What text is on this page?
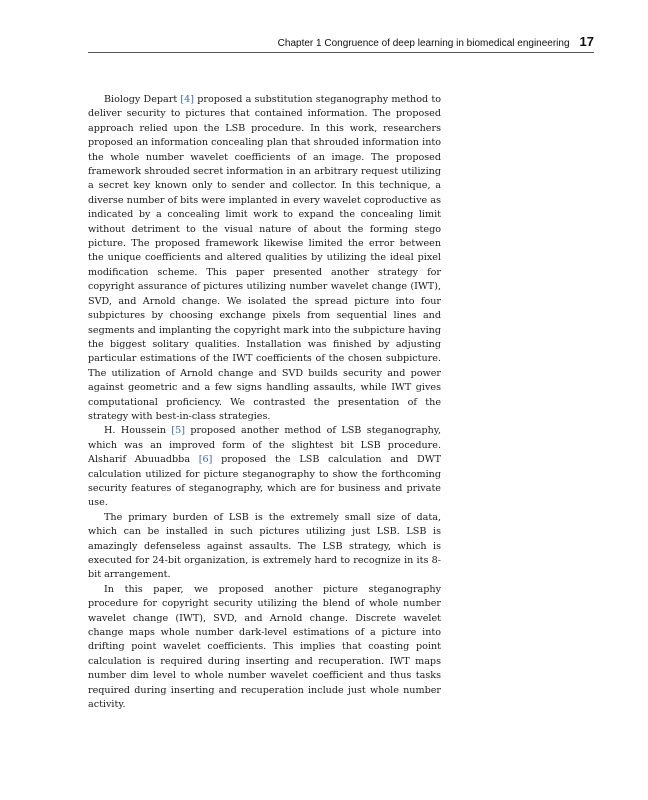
Chapter 1 Congruence of deep learning in biomedical engineering 17

Biology Depart [4] proposed a substitution steganography method to deliver security to pictures that contained information. The proposed approach relied upon the LSB procedure. In this work, researchers proposed an information concealing plan that shrouded information into the whole number wavelet coefficients of an image. The proposed framework shrouded secret information in an arbitrary request utilizing a secret key known only to sender and collector. In this technique, a diverse number of bits were implanted in every wavelet coproductive as indicated by a concealing limit work to expand the concealing limit without detriment to the visual nature of about the forming stego picture. The proposed framework likewise limited the error between the unique coefficients and altered qualities by utilizing the ideal pixel modification scheme. This paper presented another strategy for copyright assurance of pictures utilizing number wavelet change (IWT), SVD, and Arnold change. We isolated the spread picture into four subpictures by choosing exchange pixels from sequential lines and segments and implanting the copyright mark into the subpicture having the biggest solitary qualities. Installation was finished by adjusting particular estimations of the IWT coefficients of the chosen subpicture. The utilization of Arnold change and SVD builds security and power against geometric and a few signs handling assaults, while IWT gives computational proficiency. We contrasted the presentation of the strategy with best-in-class strategies.

H. Houssein [5] proposed another method of LSB steganography, which was an improved form of the slightest bit LSB procedure. Alsharif Abuuadbba [6] proposed the LSB calculation and DWT calculation utilized for picture steganography to show the forthcoming security features of steganography, which are for business and private use.

The primary burden of LSB is the extremely small size of data, which can be installed in such pictures utilizing just LSB. LSB is amazingly defenseless against assaults. The LSB strategy, which is executed for 24-bit organization, is extremely hard to recognize in its 8-bit arrangement.

In this paper, we proposed another picture steganography procedure for copyright security utilizing the blend of whole number wavelet change (IWT), SVD, and Arnold change. Discrete wavelet change maps whole number dark-level estimations of a picture into drifting point wavelet coefficients. This implies that coasting point calculation is required during inserting and recuperation. IWT maps number dim level to whole number wavelet coefficient and thus tasks required during inserting and recuperation include just whole number activity.
